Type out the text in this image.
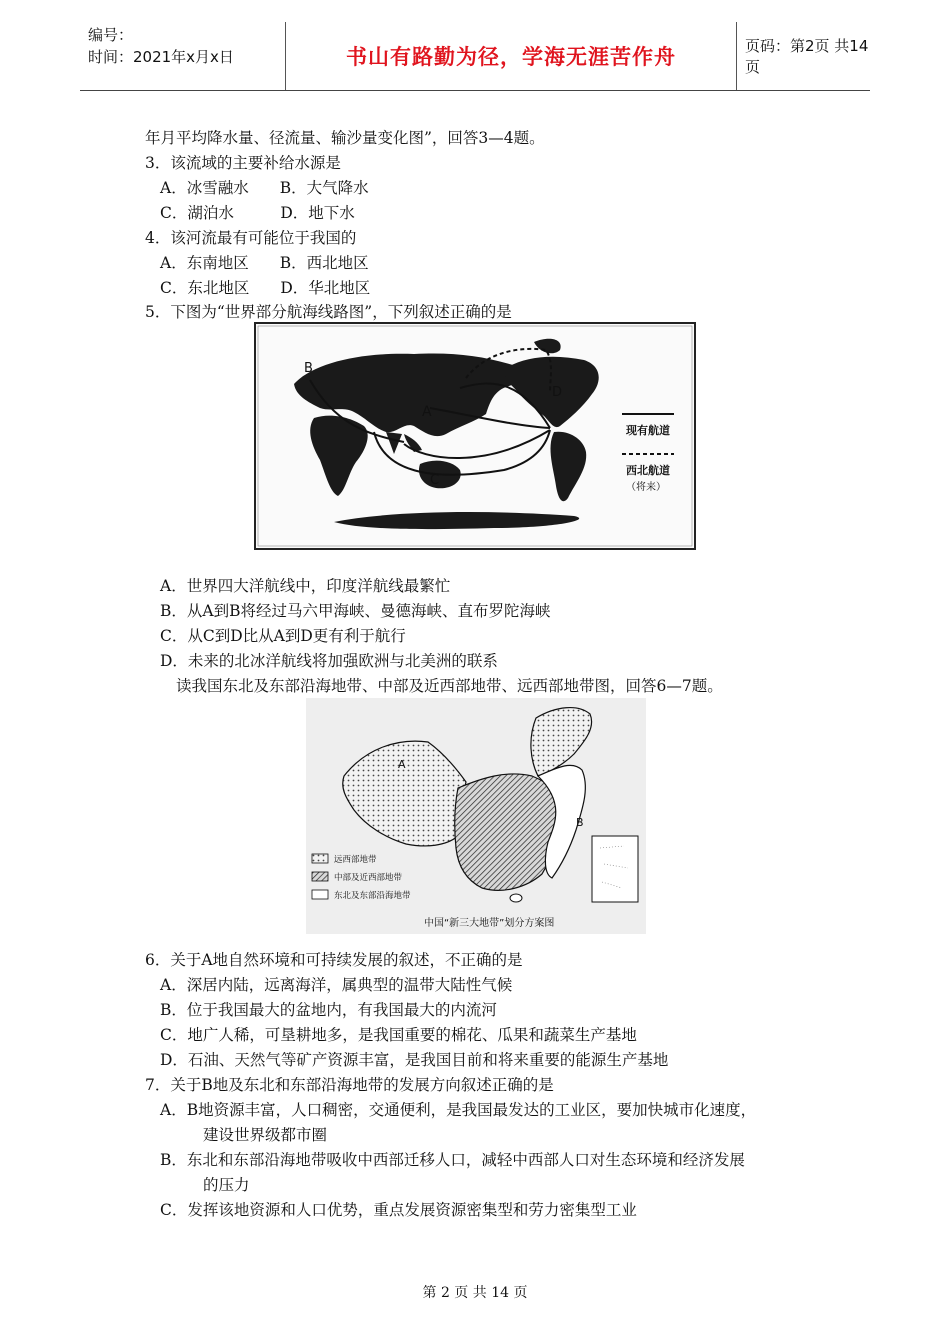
编号：
时间：2021年x月x日	书山有路勤为径，学海无涯苦作舟	页码：第2页 共14页
年月平均降水量、径流量、输沙量变化图”，回答3—4题。
3．该流域的主要补给水源是
A．冰雪融水　　B．大气降水
C．湖泊水　　　D．地下水
4．该河流最有可能位于我国的
A．东南地区　　B．西北地区
C．东北地区　　D．华北地区
5．下图为“世界部分航海线路图”，下列叙述正确的是
A
B
C
D
现有航道
西北航道
（将来）
A．世界四大洋航线中，印度洋航线最繁忙
B．从A到B将经过马六甲海峡、曼德海峡、直布罗陀海峡
C．从C到D比从A到D更有利于航行
D．未来的北冰洋航线将加强欧洲与北美洲的联系
读我国东北及东部沿海地带、中部及近西部地带、远西部地带图，回答6—7题。
A
B
远西部地带
中部及近西部地带
东北及东部沿海地带
中国“新三大地带”划分方案图
6．关于A地自然环境和可持续发展的叙述，不正确的是
A．深居内陆，远离海洋，属典型的温带大陆性气候
B．位于我国最大的盆地内，有我国最大的内流河
C．地广人稀，可垦耕地多，是我国重要的棉花、瓜果和蔬菜生产基地
D．石油、天然气等矿产资源丰富，是我国目前和将来重要的能源生产基地
7．关于B地及东北和东部沿海地带的发展方向叙述正确的是
A．B地资源丰富，人口稠密，交通便利，是我国最发达的工业区，要加快城市化速度，
建设世界级都市圈
B．东北和东部沿海地带吸收中西部迁移人口，减轻中西部人口对生态环境和经济发展
的压力
C．发挥该地资源和人口优势，重点发展资源密集型和劳力密集型工业
第 2 页 共 14 页
